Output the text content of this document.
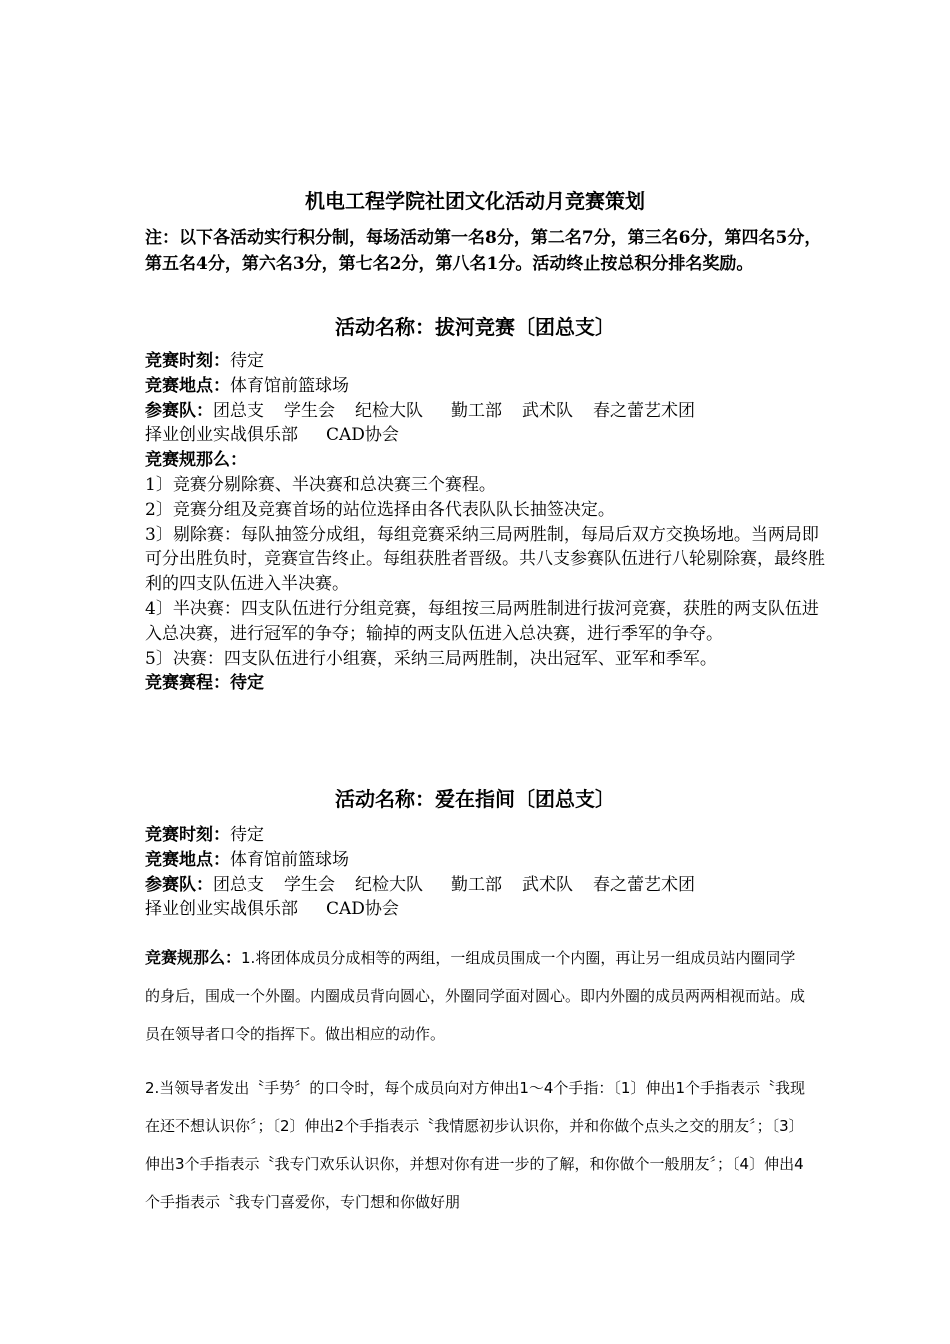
机电工程学院社团文化活动月竞赛策划
注：以下各活动实行积分制，每场活动第一名8分，第二名7分，第三名6分，第四名5分，第五名4分，第六名3分，第七名2分，第八名1分。活动终止按总积分排名奖励。
活动名称：拔河竞赛〔团总支〕

竞赛时刻：待定

竞赛地点：体育馆前篮球场

参赛队：团总支 学生会 纪检大队 勤工部 武术队 春之蕾艺术团

择业创业实战俱乐部 CAD协会

竞赛规那么：

1〕竞赛分剔除赛、半决赛和总决赛三个赛程。

2〕竞赛分组及竞赛首场的站位选择由各代表队队长抽签决定。

3〕剔除赛：每队抽签分成组，每组竞赛采纳三局两胜制，每局后双方交换场地。当两局即可分出胜负时，竞赛宣告终止。每组获胜者晋级。共八支参赛队伍进行八轮剔除赛，最终胜利的四支队伍进入半决赛。

4〕半决赛：四支队伍进行分组竞赛，每组按三局两胜制进行拔河竞赛，获胜的两支队伍进入总决赛，进行冠军的争夺；输掉的两支队伍进入总决赛，进行季军的争夺。

5〕决赛：四支队伍进行小组赛，采纳三局两胜制，决出冠军、亚军和季军。

竞赛赛程：待定

活动名称：爱在指间〔团总支〕

竞赛时刻：待定

竞赛地点：体育馆前篮球场

参赛队：团总支 学生会 纪检大队 勤工部 武术队 春之蕾艺术团

择业创业实战俱乐部 CAD协会

竞赛规那么：1.将团体成员分成相等的两组，一组成员围成一个内圈，再让另一组成员站内圈同学的身后，围成一个外圈。内圈成员背向圆心，外圈同学面对圆心。即内外圈的成员两两相视而站。成员在领导者口令的指挥下。做出相应的动作。

2.当领导者发出〝手势〞的口令时，每个成员向对方伸出1～4个手指：〔1〕伸出1个手指表示〝我现在还不想认识你〞；〔2〕伸出2个手指表示〝我情愿初步认识你，并和你做个点头之交的朋友〞；〔3〕伸出3个手指表示〝我专门欢乐认识你，并想对你有进一步的了解，和你做个一般朋友〞；〔4〕伸出4个手指表示〝我专门喜爱你，专门想和你做好朋
